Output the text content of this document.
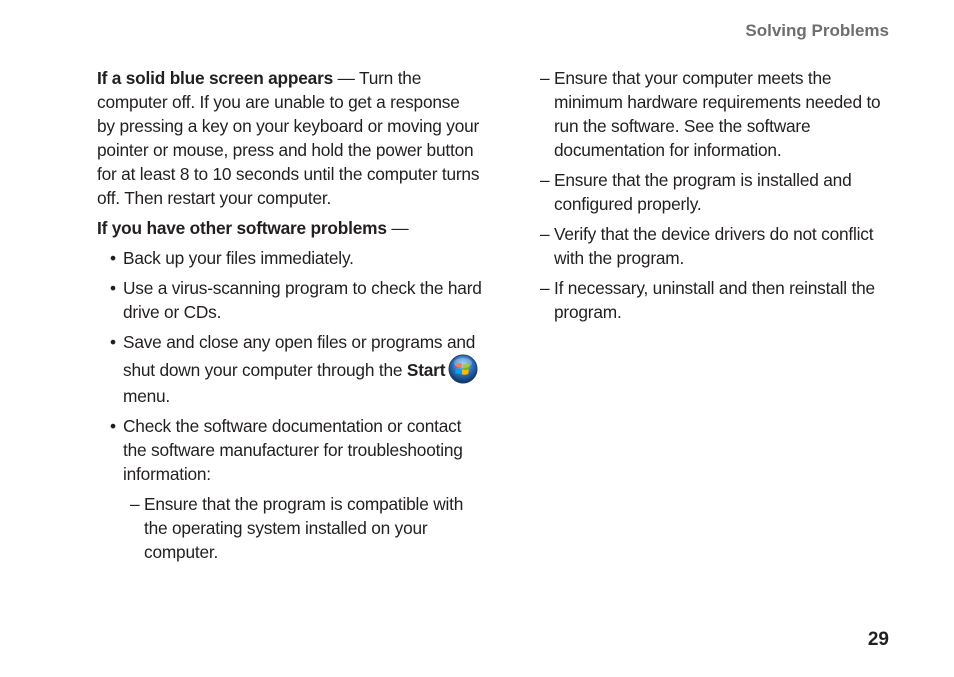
Solving Problems

If a solid blue screen appears — Turn the computer off. If you are unable to get a response by pressing a key on your keyboard or moving your pointer or mouse, press and hold the power button for at least 8 to 10 seconds until the computer turns off. Then restart your computer.

If you have other software problems —

• Back up your files immediately.
• Use a virus-scanning program to check the hard drive or CDs.
• Save and close any open files or programs and shut down your computer through the Start menu.
• Check the software documentation or contact the software manufacturer for troubleshooting information:
– Ensure that the program is compatible with the operating system installed on your computer.
– Ensure that your computer meets the minimum hardware requirements needed to run the software. See the software documentation for information.
– Ensure that the program is installed and configured properly.
– Verify that the device drivers do not conflict with the program.
– If necessary, uninstall and then reinstall the program.
29
